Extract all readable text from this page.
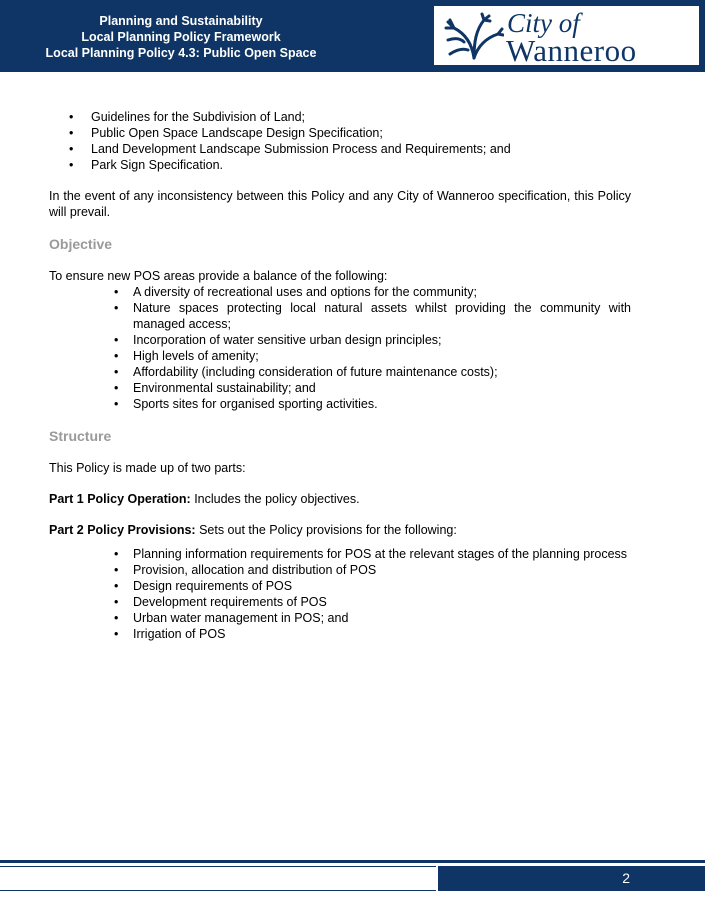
Planning and Sustainability
Local Planning Policy Framework
Local Planning Policy 4.3: Public Open Space
City of
Wanneroo
• Guidelines for the Subdivision of Land;
• Public Open Space Landscape Design Specification;
• Land Development Landscape Submission Process and Requirements; and
• Park Sign Specification.

In the event of any inconsistency between this Policy and any City of Wanneroo specification, this Policy will prevail.

Objective

To ensure new POS areas provide a balance of the following:

• A diversity of recreational uses and options for the community;
• Nature spaces protecting local natural assets whilst providing the community with managed access;
• Incorporation of water sensitive urban design principles;
• High levels of amenity;
• Affordability (including consideration of future maintenance costs);
• Environmental sustainability; and
• Sports sites for organised sporting activities.
Structure

This Policy is made up of two parts:

Part 1 Policy Operation: Includes the policy objectives.

Part 2 Policy Provisions: Sets out the Policy provisions for the following:

• Planning information requirements for POS at the relevant stages of the planning process
• Provision, allocation and distribution of POS
• Design requirements of POS
• Development requirements of POS
• Urban water management in POS; and
• Irrigation of POS
2
